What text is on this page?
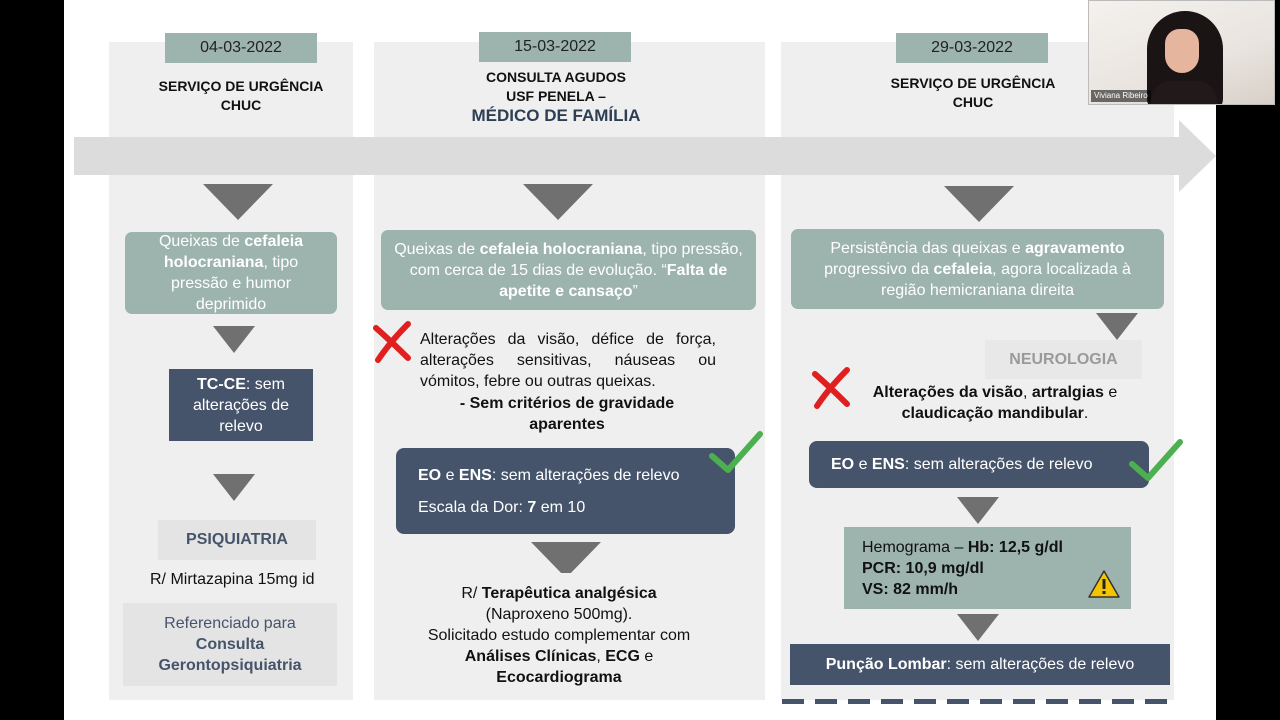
04-03-2022
SERVIÇO DE URGÊNCIA
CHUC
Queixas de cefaleia holocraniana, tipo pressão e humor deprimido
TC-CE: sem alterações de relevo
PSIQUIATRIA
R/ Mirtazapina 15mg id
Referenciado para
Consulta Gerontopsiquiatria
15-03-2022
CONSULTA AGUDOS
USF PENELA –
MÉDICO DE FAMÍLIA
Queixas de cefaleia holocraniana, tipo pressão, com cerca de 15 dias de evolução. “Falta de apetite e cansaço”
Alterações da visão, défice de força, alterações sensitivas, náuseas ou vómitos, febre ou outras queixas.
- Sem critérios de gravidade aparentes
EO e ENS: sem alterações de relevo
Escala da Dor: 7 em 10
R/ Terapêutica analgésica
(Naproxeno 500mg).
Solicitado estudo complementar com Análises Clínicas, ECG e Ecocardiograma
29-03-2022
SERVIÇO DE URGÊNCIA
CHUC
Persistência das queixas e agravamento progressivo da cefaleia, agora localizada à região hemicraniana direita
NEUROLOGIA
Alterações da visão, artralgias e claudicação mandibular.
EO e ENS: sem alterações de relevo
Hemograma – Hb: 12,5 g/dl
PCR: 10,9 mg/dl
VS: 82 mm/h
Punção Lombar: sem alterações de relevo
Viviana Ribeiro
